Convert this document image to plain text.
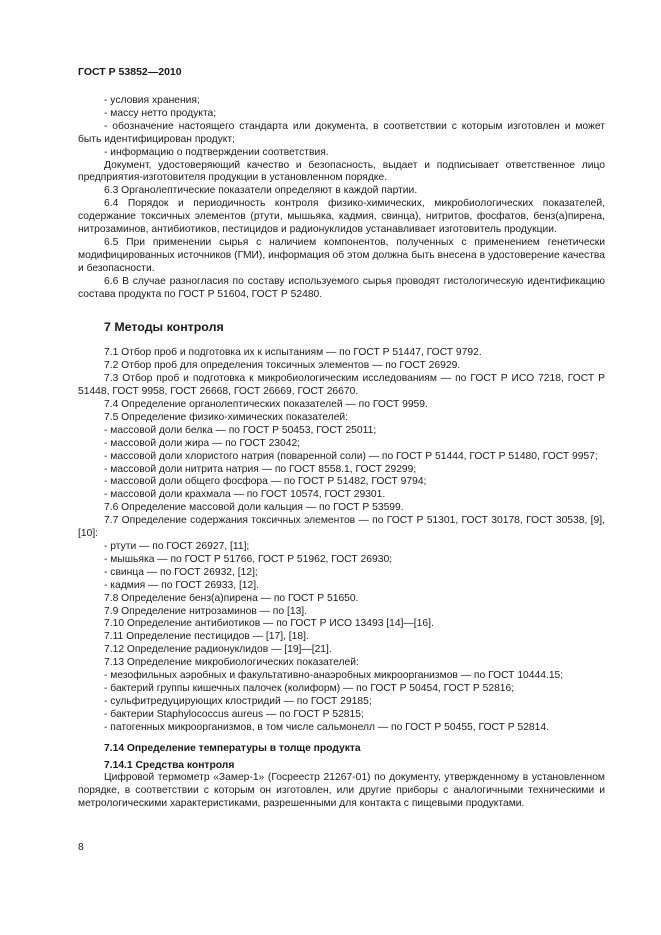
ГОСТ Р 53852—2010

- условия хранения;

- массу нетто продукта;

- обозначение настоящего стандарта или документа, в соответствии с которым изготовлен и может быть идентифицирован продукт;

- информацию о подтверждении соответствия.

Документ, удостоверяющий качество и безопасность, выдает и подписывает ответственное лицо предприятия-изготовителя продукции в установленном порядке.

6.3 Органолептические показатели определяют в каждой партии.

6.4 Порядок и периодичность контроля физико-химических, микробиологических показателей, содержание токсичных элементов (ртути, мышьяка, кадмия, свинца), нитритов, фосфатов, бенз(а)пирена, нитрозаминов, антибиотиков, пестицидов и радионуклидов устанавливает изготовитель продукции.

6.5 При применении сырья с наличием компонентов, полученных с применением генетически модифицированных источников (ГМИ), информация об этом должна быть внесена в удостоверение качества и безопасности.

6.6 В случае разногласия по составу используемого сырья проводят гистологическую идентификацию состава продукта по ГОСТ Р 51604, ГОСТ Р 52480.

7 Методы контроля

7.1 Отбор проб и подготовка их к испытаниям — по ГОСТ Р 51447, ГОСТ 9792.

7.2 Отбор проб для определения токсичных элементов — по ГОСТ 26929.

7.3 Отбор проб и подготовка к микробиологическим исследованиям — по ГОСТ Р ИСО 7218, ГОСТ Р 51448, ГОСТ 9958, ГОСТ 26668, ГОСТ 26669, ГОСТ 26670.

7.4 Определение органолептических показателей — по ГОСТ 9959.

7.5 Определение физико-химических показателей:

- массовой доли белка — по ГОСТ Р 50453, ГОСТ 25011;

- массовой доли жира — по ГОСТ 23042;

- массовой доли хлористого натрия (поваренной соли) — по ГОСТ Р 51444, ГОСТ Р 51480, ГОСТ 9957;

- массовой доли нитрита натрия — по ГОСТ 8558.1, ГОСТ 29299;

- массовой доли общего фосфора — по ГОСТ Р 51482, ГОСТ 9794;

- массовой доли крахмала — по ГОСТ 10574, ГОСТ 29301.

7.6 Определение массовой доли кальция — по ГОСТ Р 53599.

7.7 Определение содержания токсичных элементов — по ГОСТ Р 51301, ГОСТ 30178, ГОСТ 30538, [9], [10]:

- ртути — по ГОСТ 26927, [11];

- мышьяка — по ГОСТ Р 51766, ГОСТ Р 51962, ГОСТ 26930;

- свинца — по ГОСТ 26932, [12];

- кадмия — по ГОСТ 26933, [12].

7.8 Определение бенз(а)пирена — по ГОСТ Р 51650.

7.9 Определение нитрозаминов — по [13].

7.10 Определение антибиотиков — по ГОСТ Р ИСО 13493 [14]—[16].

7.11 Определение пестицидов — [17], [18].

7.12 Определение радионуклидов — [19]—[21].

7.13 Определение микробиологических показателей:

- мезофильных аэробных и факультативно-анаэробных микроорганизмов — по ГОСТ 10444.15;

- бактерий группы кишечных палочек (колиформ) — по ГОСТ Р 50454, ГОСТ Р 52816;

- сульфитредуцирующих клостридий — по ГОСТ 29185;

- бактерии Staphylococcus aureus — по ГОСТ Р 52815;

- патогенных микроорганизмов, в том числе сальмонелл — по ГОСТ Р 50455, ГОСТ Р 52814.

7.14 Определение температуры в толще продукта

7.14.1 Средства контроля

Цифровой термометр «Замер-1» (Госреестр 21267-01) по документу, утвержденному в установленном порядке, в соответствии с которым он изготовлен, или другие приборы с аналогичными техническими и метрологическими характеристиками, разрешенными для контакта с пищевыми продуктами.

8
